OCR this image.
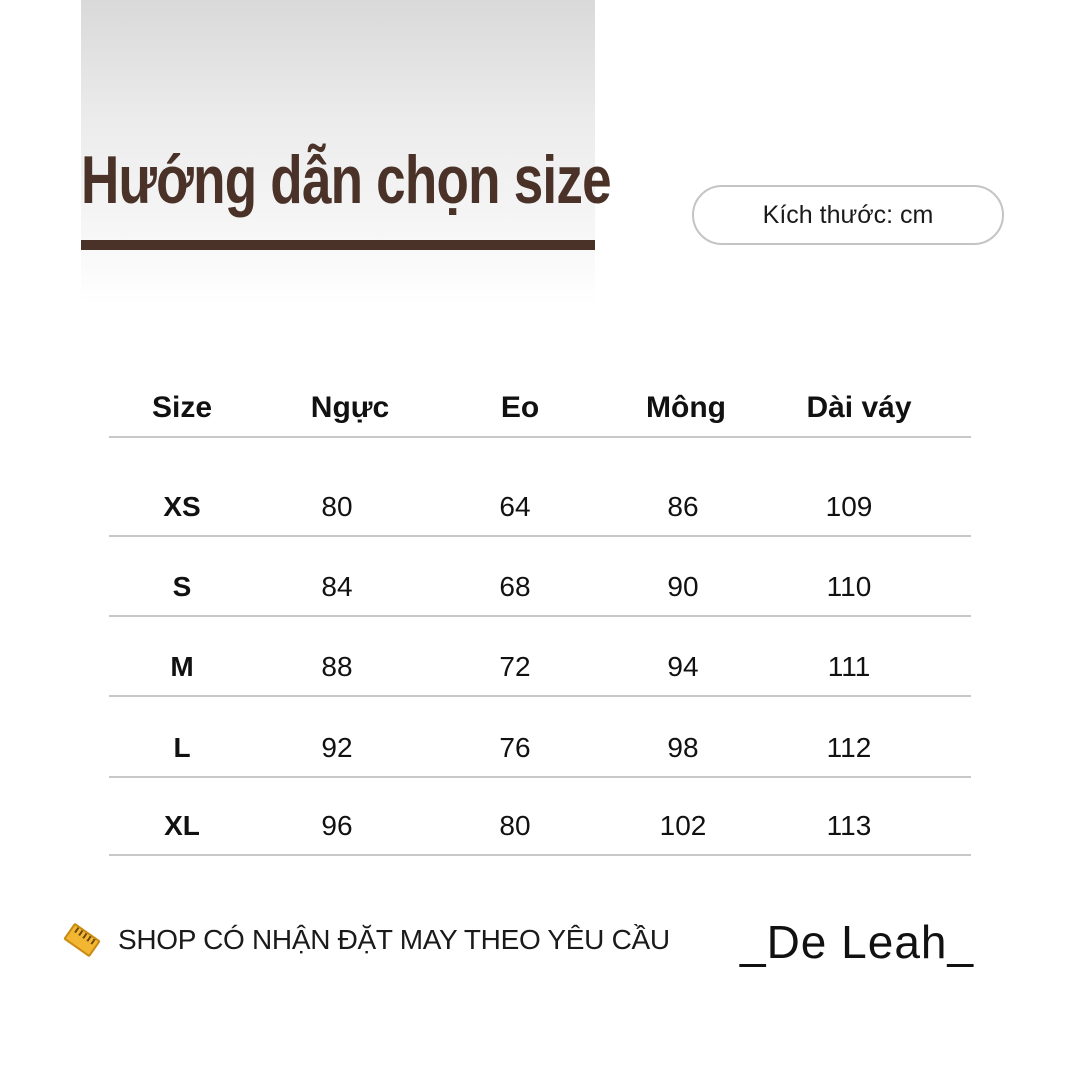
Hướng dẫn chọn size	Kích thước: cm
Size	Ngực	Eo	Mông	Dài váy
XS	80	64	86	109
S	84	68	90	110
M	88	72	94	111
L	92	76	98	112
XL	96	80	102	113
SHOP CÓ NHẬN ĐẶT MAY THEO YÊU CẦU _De Leah_
